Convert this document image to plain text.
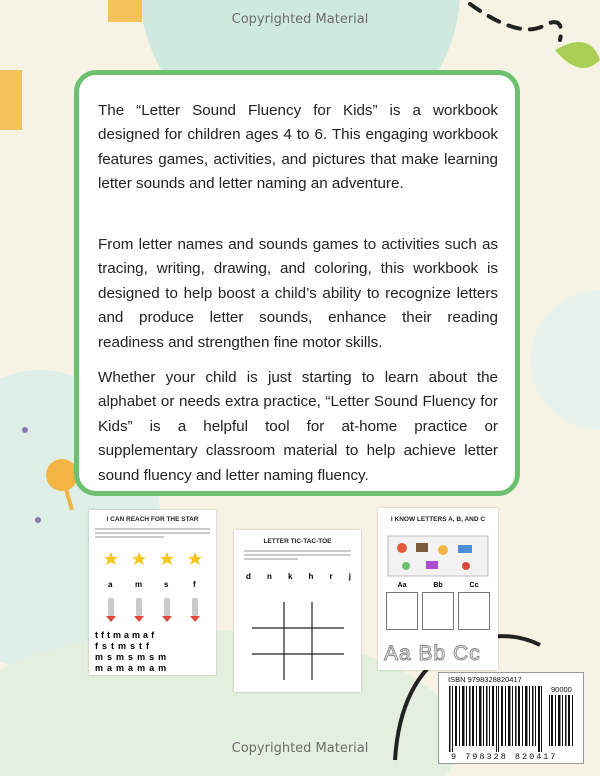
Copyrighted Material

The “Letter Sound Fluency for Kids” is a workbook designed for children ages 4 to 6. This engaging workbook features games, activities, and pictures that make learning letter sounds and letter naming an adventure.

From letter names and sounds games to activities such as tracing, writing, drawing, and coloring, this workbook is designed to help boost a child’s ability to recognize letters and produce letter sounds, enhance their reading readiness and strengthen fine motor skills.

Whether your child is just starting to learn about the alphabet or needs extra practice, “Letter Sound Fluency for Kids” is a helpful tool for at-home practice or supplementary classroom material to help achieve letter sound fluency and letter naming fluency.

I CAN REACH FOR THE STAR
a	m	s	f
t f t m a m a f
f s t m s t f
m s m s m s m
m a m a m a m
LETTER TIC-TAC-TOE
d n k h r j
I KNOW LETTERS A, B, AND C
Aa	Bb	Cc
Aa Bb Cc
ISBN 9798328820417
90000
9 798328 820417
Copyrighted Material
